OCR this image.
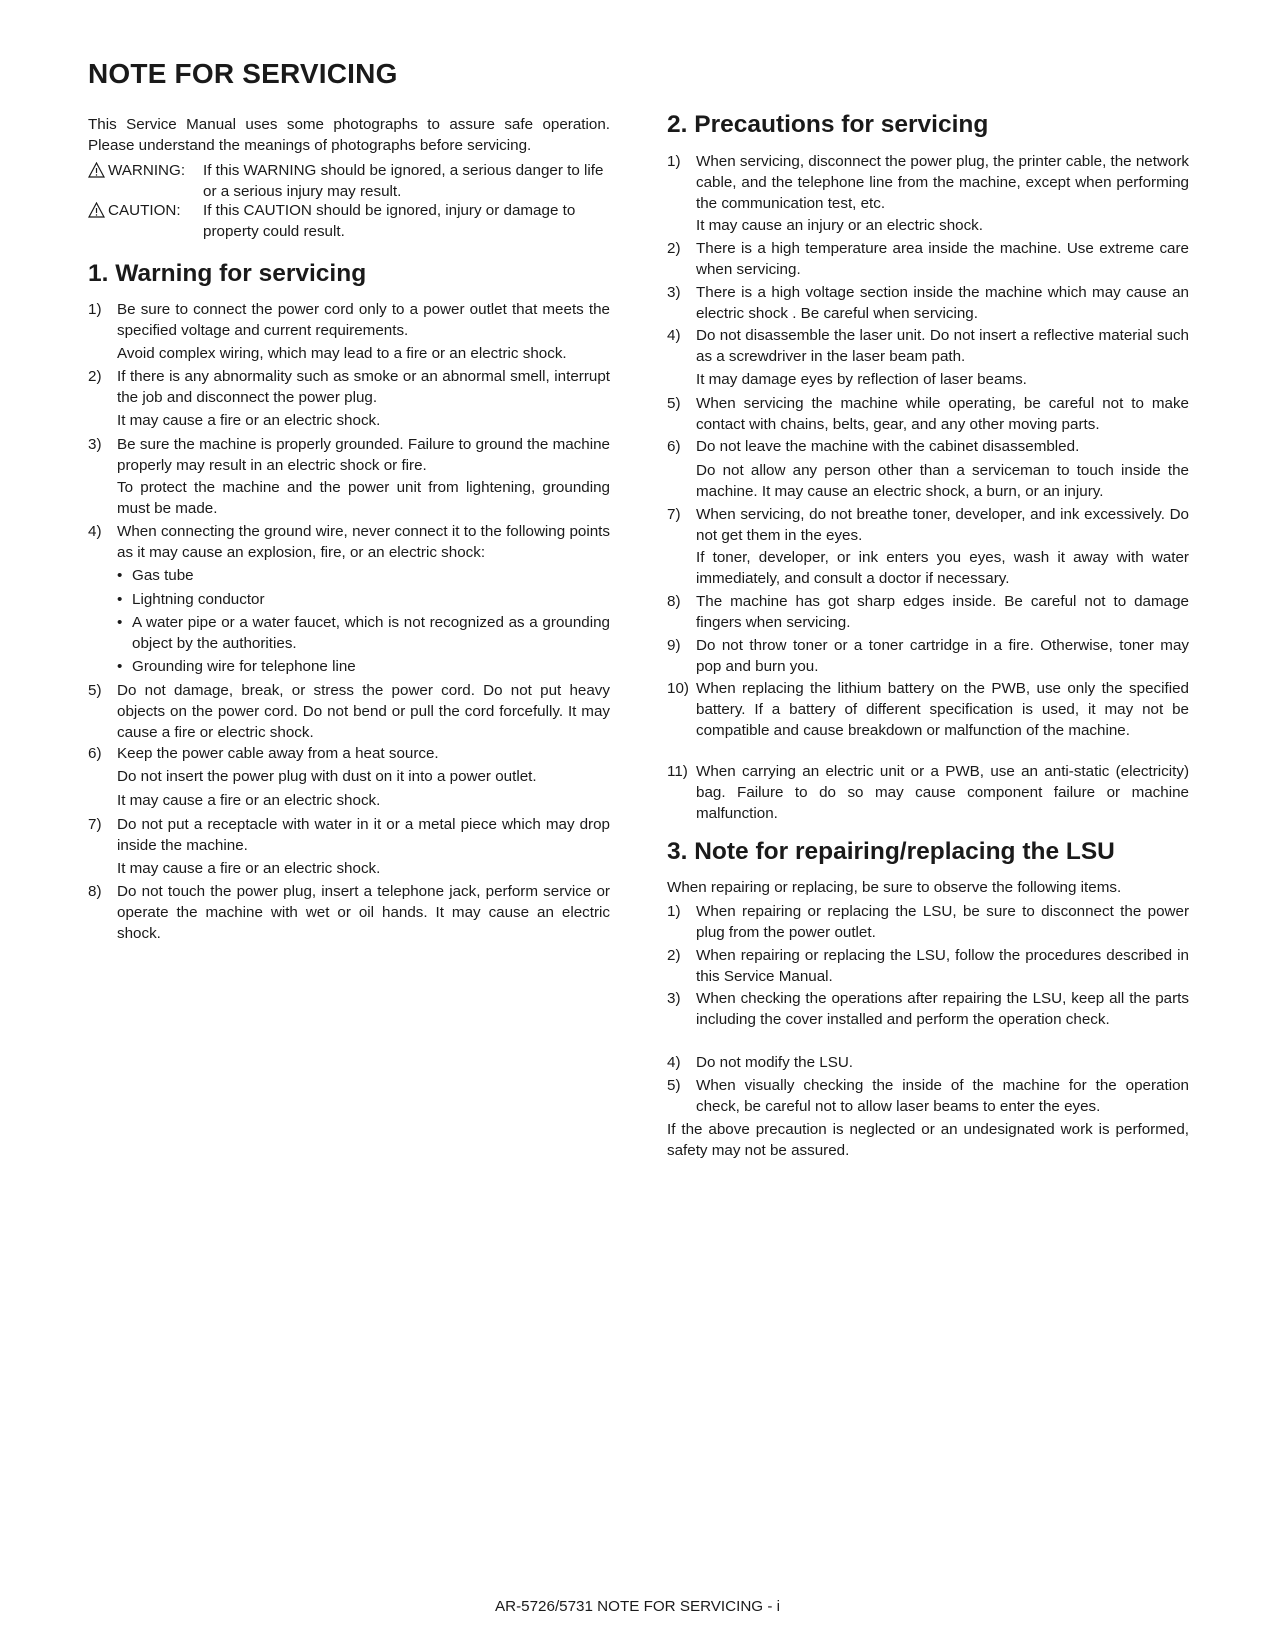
NOTE FOR SERVICING

This Service Manual uses some photographs to assure safe operation. Please understand the meanings of photographs before servicing.

WARNING:	If this WARNING should be ignored, a serious danger to life or a serious injury may result.
CAUTION:	If this CAUTION should be ignored, injury or damage to property could result.
1. Warning for servicing
1)	Be sure to connect the power cord only to a power outlet that meets the specified voltage and current requirements.

Avoid complex wiring, which may lead to a fire or an electric shock.

2)	If there is any abnormality such as smoke or an abnormal smell, interrupt the job and disconnect the power plug.

It may cause a fire or an electric shock.

3)	Be sure the machine is properly grounded. Failure to ground the machine properly may result in an electric shock or fire.

To protect the machine and the power unit from lightening, grounding must be made.

4)	When connecting the ground wire, never connect it to the following points as it may cause an explosion, fire, or an electric shock:
• Gas tube
• Lightning conductor
• A water pipe or a water faucet, which is not recognized as a grounding object by the authorities.
• Grounding wire for telephone line
5)	Do not damage, break, or stress the power cord. Do not put heavy objects on the power cord. Do not bend or pull the cord forcefully. It may cause a fire or electric shock.
6)	Keep the power cable away from a heat source.

Do not insert the power plug with dust on it into a power outlet.

It may cause a fire or an electric shock.

7)	Do not put a receptacle with water in it or a metal piece which may drop inside the machine.

It may cause a fire or an electric shock.

8)	Do not touch the power plug, insert a telephone jack, perform service or operate the machine with wet or oil hands. It may cause an electric shock.
2. Precautions for servicing
1)	When servicing, disconnect the power plug, the printer cable, the network cable, and the telephone line from the machine, except when performing the communication test, etc.

It may cause an injury or an electric shock.

2)	There is a high temperature area inside the machine. Use extreme care when servicing.
3)	There is a high voltage section inside the machine which may cause an electric shock . Be careful when servicing.
4)	Do not disassemble the laser unit. Do not insert a reflective material such as a screwdriver in the laser beam path.

It may damage eyes by reflection of laser beams.

5)	When servicing the machine while operating, be careful not to make contact with chains, belts, gear, and any other moving parts.
6)	Do not leave the machine with the cabinet disassembled.

Do not allow any person other than a serviceman to touch inside the machine. It may cause an electric shock, a burn, or an injury.

7)	When servicing, do not breathe toner, developer, and ink excessively. Do not get them in the eyes.

If toner, developer, or ink enters you eyes, wash it away with water immediately, and consult a doctor if necessary.

8)	The machine has got sharp edges inside. Be careful not to damage fingers when servicing.
9)	Do not throw toner or a toner cartridge in a fire. Otherwise, toner may pop and burn you.
10) When replacing the lithium battery on the PWB, use only the specified battery. If a battery of different specification is used, it may not be compatible and cause breakdown or malfunction of the machine.
11) When carrying an electric unit or a PWB, use an anti-static (electricity) bag. Failure to do so may cause component failure or machine malfunction.
3. Note for repairing/replacing the LSU

When repairing or replacing, be sure to observe the following items.

1)	When repairing or replacing the LSU, be sure to disconnect the power plug from the power outlet.
2)	When repairing or replacing the LSU, follow the procedures described in this Service Manual.
3)	When checking the operations after repairing the LSU, keep all the parts including the cover installed and perform the operation check.
4)	Do not modify the LSU.
5)	When visually checking the inside of the machine for the operation check, be careful not to allow laser beams to enter the eyes.

If the above precaution is neglected or an undesignated work is performed, safety may not be assured.

AR-5726/5731 NOTE FOR SERVICING - i
